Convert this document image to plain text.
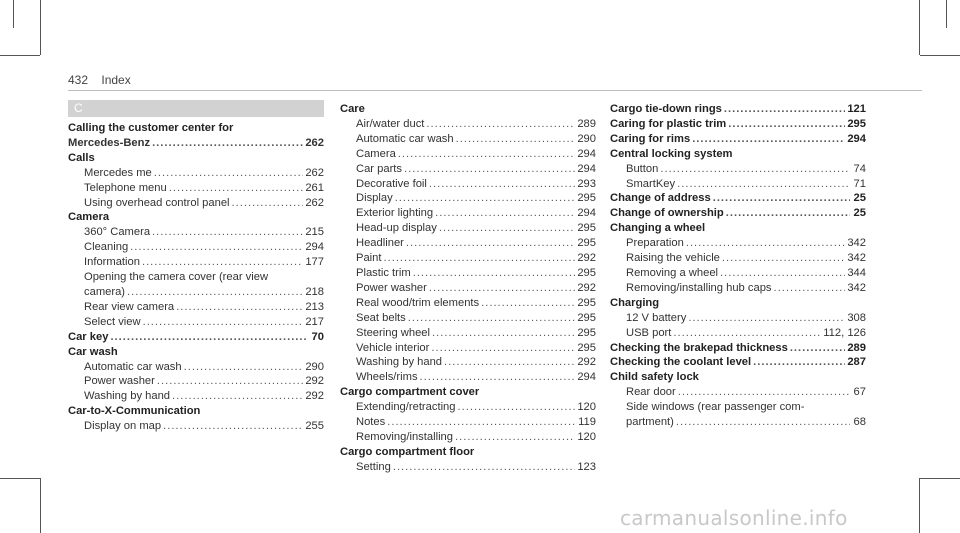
432 Index
C
Calling the customer center for
Mercedes-Benz .....	262
Calls
Mercedes me .....	262
Telephone menu .....	261
Using overhead control panel .....	262
Camera
360° Camera .....	215
Cleaning .....	294
Information .....	177
Opening the camera cover (rear view
camera) .....	218
Rear view camera .....	213
Select view .....	217
Car key .....	70
Car wash
Automatic car wash .....	290
Power washer .....	292
Washing by hand .....	292
Car-to-X-Communication
Display on map .....	255
Care
Air/water duct .....	289
Automatic car wash .....	290
Camera .....	294
Car parts .....	294
Decorative foil .....	293
Display .....	295
Exterior lighting .....	294
Head-up display .....	295
Headliner .....	295
Paint .....	292
Plastic trim .....	295
Power washer .....	292
Real wood/trim elements .....	295
Seat belts .....	295
Steering wheel .....	295
Vehicle interior .....	295
Washing by hand .....	292
Wheels/rims .....	294
Cargo compartment cover
Extending/retracting .....	120
Notes .....	119
Removing/installing .....	120
Cargo compartment floor
Setting .....	123
Cargo tie-down rings .....	121
Caring for plastic trim .....	295
Caring for rims .....	294
Central locking system
Button .....	74
SmartKey .....	71
Change of address .....	25
Change of ownership .....	25
Changing a wheel
Preparation .....	342
Raising the vehicle .....	342
Removing a wheel .....	344
Removing/installing hub caps .....	342
Charging
12 V battery .....	308
USB port .....	112, 126
Checking the brakepad thickness .....	289
Checking the coolant level .....	287
Child safety lock
Rear door .....	67
Side windows (rear passenger com-
partment) .....	68
carmanualsonline.info
